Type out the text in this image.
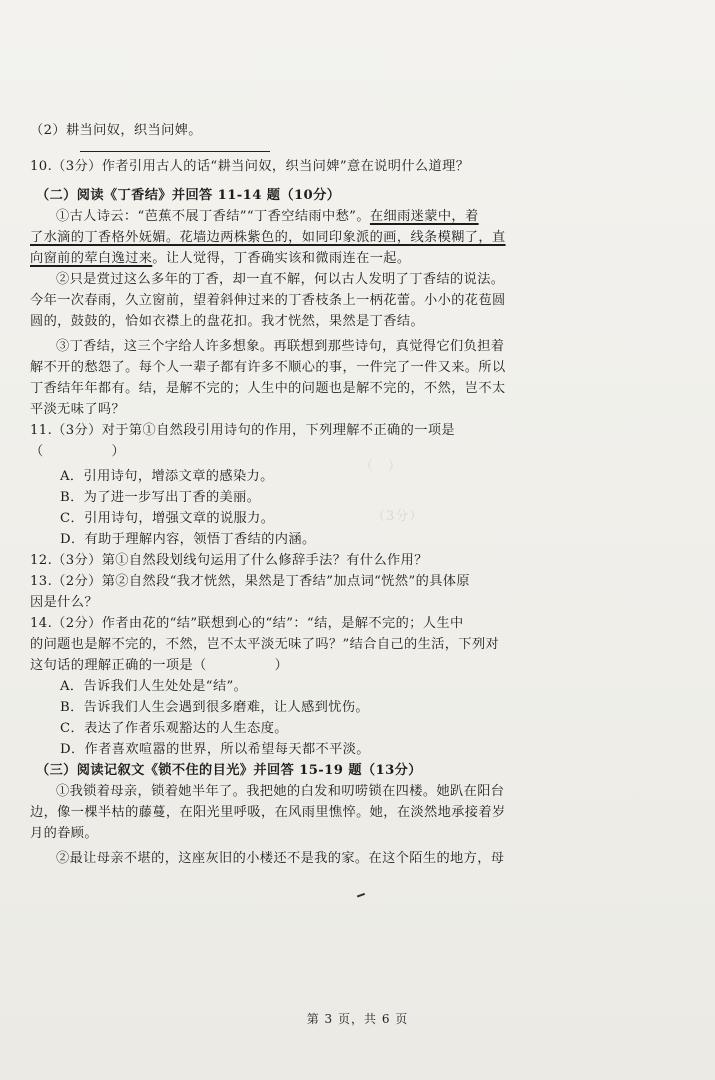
（　）
（3分）
（2）耕当问奴，织当问婢。
10.（3分）作者引用古人的话“耕当问奴，织当问婢”意在说明什么道理？
（二）阅读《丁香结》并回答 11-14 题（10分）
①古人诗云：“芭蕉不展丁香结”“丁香空结雨中愁”。在细雨迷蒙中，着
了水滴的丁香格外妩媚。花墙边两株紫色的，如同印象派的画，线条模糊了，直
向窗前的荤白逸过来。让人觉得，丁香确实该和微雨连在一起。
②只是赏过这么多年的丁香，却一直不解，何以古人发明了丁香结的说法。
今年一次春雨，久立窗前，望着斜伸过来的丁香枝条上一柄花蕾。小小的花苞圆
圆的，鼓鼓的，恰如衣襟上的盘花扣。我才恍然，果然是丁香结。
③丁香结，这三个字给人许多想象。再联想到那些诗句，真觉得它们负担着
解不开的愁怨了。每个人一辈子都有许多不顺心的事，一件完了一件又来。所以
丁香结年年都有。结，是解不完的；人生中的问题也是解不完的，不然，岂不太
平淡无味了吗？
11.（3分）对于第①自然段引用诗句的作用，下列理解不正确的一项是
（　　　　　）
A．引用诗句，增添文章的感染力。
B．为了进一步写出丁香的美丽。
C．引用诗句，增强文章的说服力。
D．有助于理解内容，领悟丁香结的内涵。
12.（3分）第①自然段划线句运用了什么修辞手法？有什么作用？
13.（2分）第②自然段“我才恍然，果然是丁香结”加点词“恍然”的具体原
因是什么？
14.（2分）作者由花的“结”联想到心的“结”：“结，是解不完的；人生中
的问题也是解不完的，不然，岂不太平淡无味了吗？”结合自己的生活，下列对
这句话的理解正确的一项是（　　　　　）
A．告诉我们人生处处是“结”。
B．告诉我们人生会遇到很多磨难，让人感到忧伤。
C．表达了作者乐观豁达的人生态度。
D．作者喜欢喧嚣的世界，所以希望每天都不平淡。
（三）阅读记叙文《锁不住的目光》并回答 15-19 题（13分）
①我锁着母亲，锁着她半年了。我把她的白发和叨唠锁在四楼。她趴在阳台
边，像一棵半枯的藤蔓，在阳光里呼吸，在风雨里憔悴。她，在淡然地承接着岁
月的眷顾。
②最让母亲不堪的，这座灰旧的小楼还不是我的家。在这个陌生的地方，母
第 3 页，共 6 页
